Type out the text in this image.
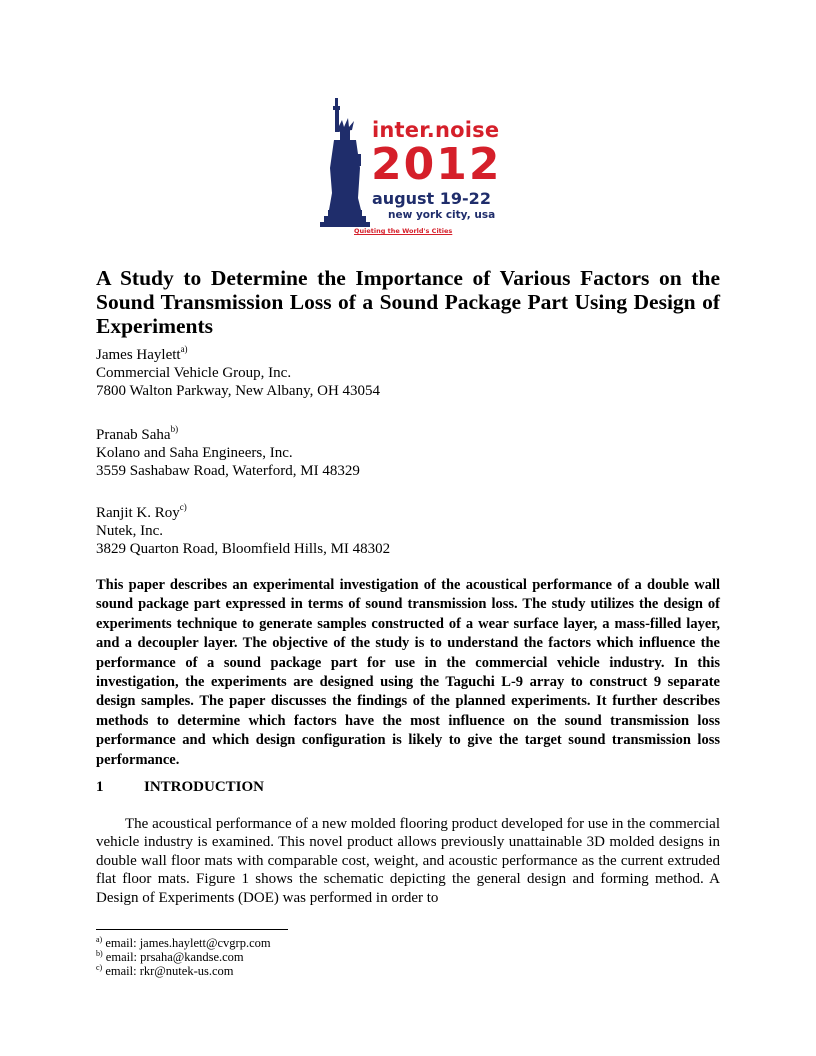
inter.noise
2012
august 19-22
new york city, usa
Quieting the World's Cities
A Study to Determine the Importance of Various Factors on the Sound Transmission Loss of a Sound Package Part Using Design of Experiments
James Haylett$^{a)}$
Commercial Vehicle Group, Inc.
7800 Walton Parkway, New Albany, OH 43054
Pranab Saha$^{b)}$
Kolano and Saha Engineers, Inc.
3559 Sashabaw Road, Waterford, MI 48329
Ranjit K. Roy$^{c)}$
Nutek, Inc.
3829 Quarton Road, Bloomfield Hills, MI 48302

This paper describes an experimental investigation of the acoustical performance of a double wall sound package part expressed in terms of sound transmission loss. The study utilizes the design of experiments technique to generate samples constructed of a wear surface layer, a mass-filled layer, and a decoupler layer. The objective of the study is to understand the factors which influence the performance of a sound package part for use in the commercial vehicle industry. In this investigation, the experiments are designed using the Taguchi L-9 array to construct 9 separate design samples. The paper discusses the findings of the planned experiments. It further describes methods to determine which factors have the most influence on the sound transmission loss performance and which design configuration is likely to give the target sound transmission loss performance.

1	INTRODUCTION

The acoustical performance of a new molded flooring product developed for use in the commercial vehicle industry is examined. This novel product allows previously unattainable 3D molded designs in double wall floor mats with comparable cost, weight, and acoustic performance as the current extruded flat floor mats. Figure 1 shows the schematic depicting the general design and forming method. A Design of Experiments (DOE) was performed in order to

$^{a)}$ email: james.haylett@cvgrp.com
$^{b)}$ email: prsaha@kandse.com
$^{c)}$ email: rkr@nutek-us.com
